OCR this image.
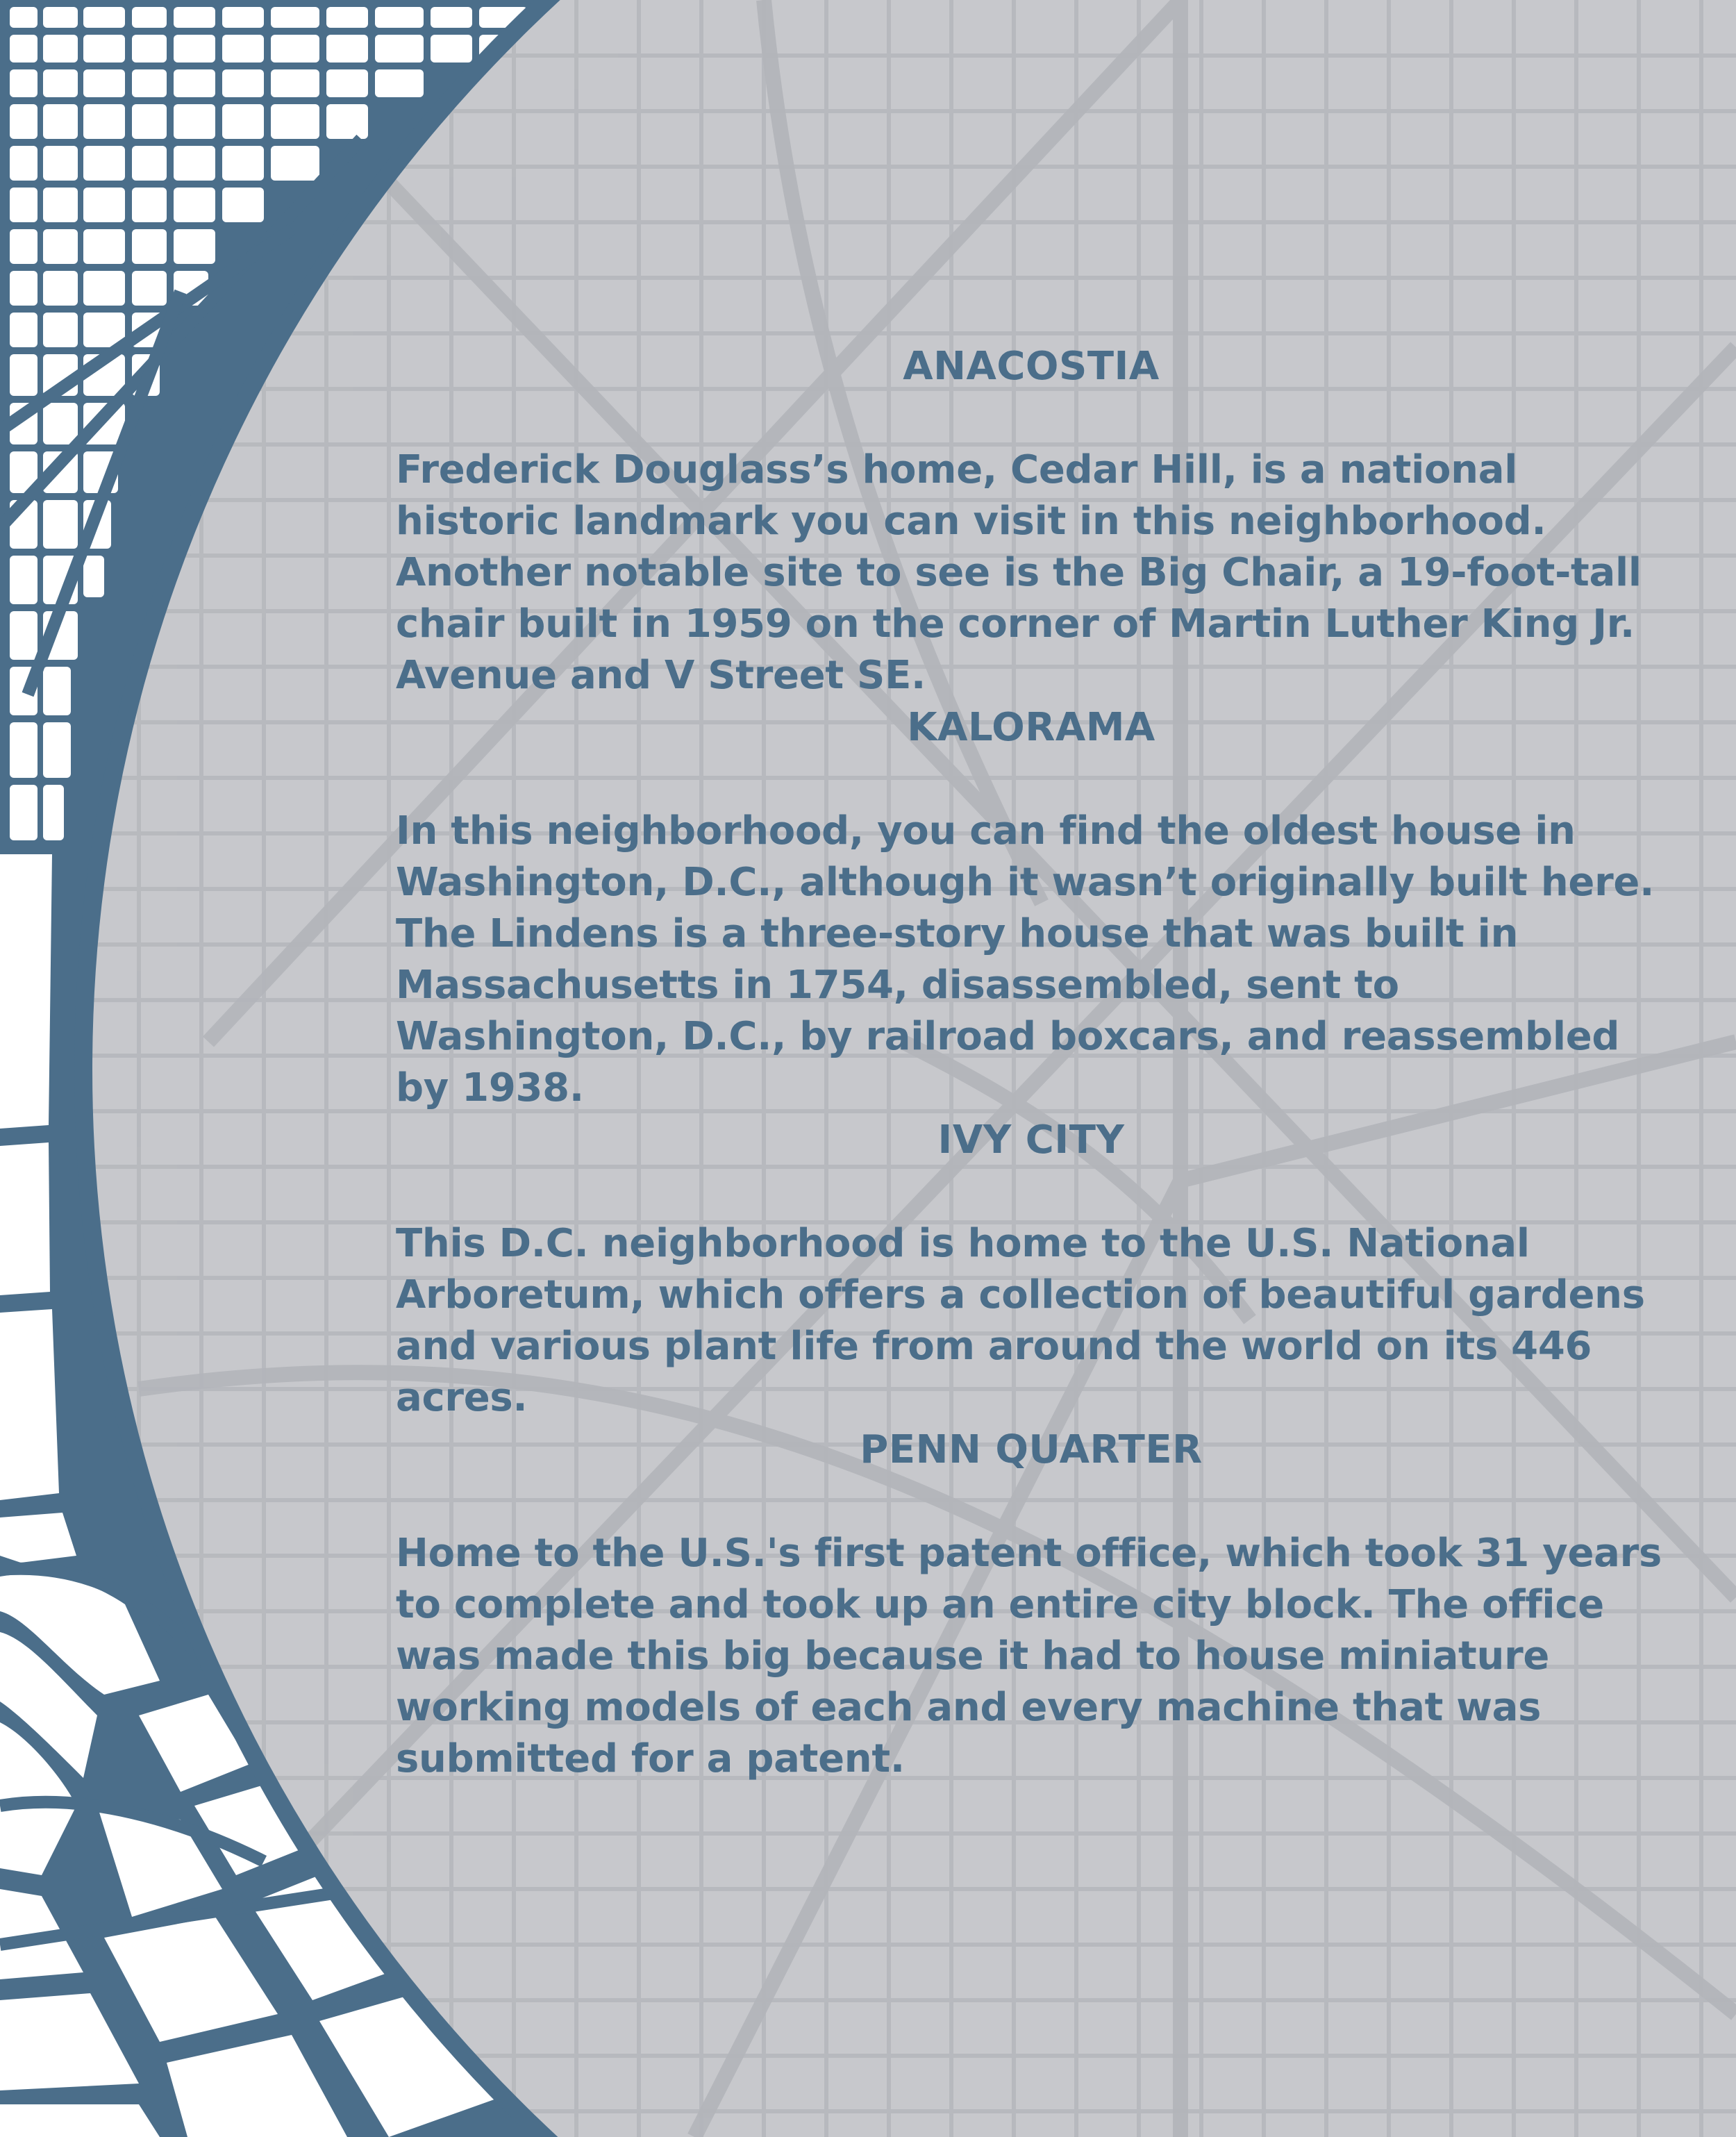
ANACOSTIA

Frederick Douglass’s home, Cedar Hill, is a national historic landmark you can visit in this neighborhood. Another notable site to see is the Big Chair, a 19-foot-tall chair built in 1959 on the corner of Martin Luther King Jr. Avenue and V Street SE.

KALORAMA

In this neighborhood, you can find the oldest house in Washington, D.C., although it wasn’t originally built here. The Lindens is a three-story house that was built in Massachusetts in 1754, disassembled, sent to Washington, D.C., by railroad boxcars, and reassembled by 1938.

IVY CITY

This D.C. neighborhood is home to the U.S. National Arboretum, which offers a collection of beautiful gardens and various plant life from around the world on its 446 acres.

PENN QUARTER

Home to the U.S.'s first patent office, which took 31 years to complete and took up an entire city block. The office was made this big because it had to house miniature working models of each and every machine that was submitted for a patent.
